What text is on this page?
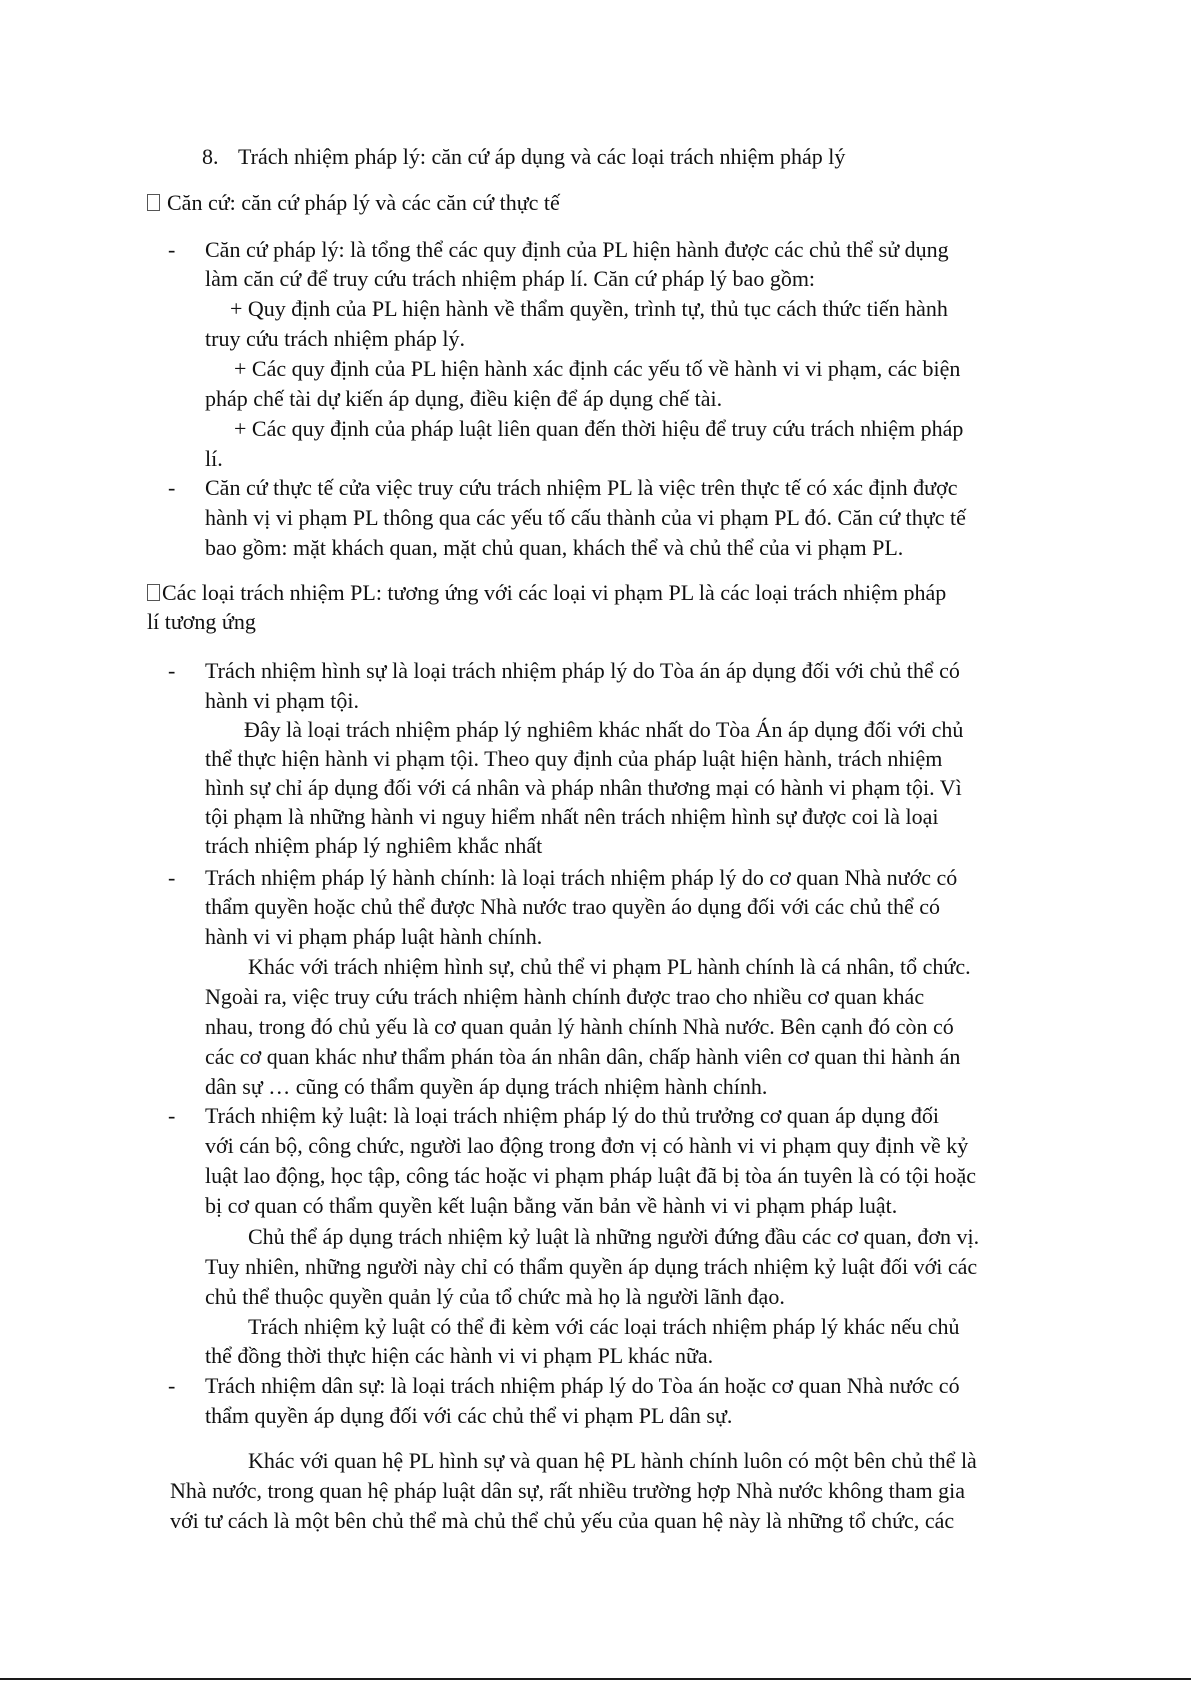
8. Trách nhiệm pháp lý: căn cứ áp dụng và các loại trách nhiệm pháp lý
Căn cứ: căn cứ pháp lý và các căn cứ thực tế
- Căn cứ pháp lý: là tổng thể các quy định của PL hiện hành được các chủ thể sử dụng
làm căn cứ để truy cứu trách nhiệm pháp lí. Căn cứ pháp lý bao gồm:
+ Quy định của PL hiện hành về thẩm quyền, trình tự, thủ tục cách thức tiến hành
truy cứu trách nhiệm pháp lý.
+ Các quy định của PL hiện hành xác định các yếu tố về hành vi vi phạm, các biện
pháp chế tài dự kiến áp dụng, điều kiện để áp dụng chế tài.
+ Các quy định của pháp luật liên quan đến thời hiệu để truy cứu trách nhiệm pháp
lí.
- Căn cứ thực tế cửa việc truy cứu trách nhiệm PL là việc trên thực tế có xác định được
hành vị vi phạm PL thông qua các yếu tố cấu thành của vi phạm PL đó. Căn cứ thực tế
bao gồm: mặt khách quan, mặt chủ quan, khách thể và chủ thể của vi phạm PL.
Các loại trách nhiệm PL: tương ứng với các loại vi phạm PL là các loại trách nhiệm pháp
lí tương ứng
- Trách nhiệm hình sự là loại trách nhiệm pháp lý do Tòa án áp dụng đối với chủ thể có
hành vi phạm tội.
Đây là loại trách nhiệm pháp lý nghiêm khác nhất do Tòa Án áp dụng đối với chủ
thể thực hiện hành vi phạm tội. Theo quy định của pháp luật hiện hành, trách nhiệm
hình sự chỉ áp dụng đối với cá nhân và pháp nhân thương mại có hành vi phạm tội. Vì
tội phạm là những hành vi nguy hiểm nhất nên trách nhiệm hình sự được coi là loại
trách nhiệm pháp lý nghiêm khắc nhất
- Trách nhiệm pháp lý hành chính: là loại trách nhiệm pháp lý do cơ quan Nhà nước có
thẩm quyền hoặc chủ thể được Nhà nước trao quyền áo dụng đối với các chủ thể có
hành vi vi phạm pháp luật hành chính.
Khác với trách nhiệm hình sự, chủ thể vi phạm PL hành chính là cá nhân, tổ chức.
Ngoài ra, việc truy cứu trách nhiệm hành chính được trao cho nhiều cơ quan khác
nhau, trong đó chủ yếu là cơ quan quản lý hành chính Nhà nước. Bên cạnh đó còn có
các cơ quan khác như thẩm phán tòa án nhân dân, chấp hành viên cơ quan thi hành án
dân sự … cũng có thẩm quyền áp dụng trách nhiệm hành chính.
- Trách nhiệm kỷ luật: là loại trách nhiệm pháp lý do thủ trưởng cơ quan áp dụng đối
với cán bộ, công chức, người lao động trong đơn vị có hành vi vi phạm quy định về kỷ
luật lao động, học tập, công tác hoặc vi phạm pháp luật đã bị tòa án tuyên là có tội hoặc
bị cơ quan có thẩm quyền kết luận bằng văn bản về hành vi vi phạm pháp luật.
Chủ thể áp dụng trách nhiệm kỷ luật là những người đứng đầu các cơ quan, đơn vị.
Tuy nhiên, những người này chỉ có thẩm quyền áp dụng trách nhiệm kỷ luật đối với các
chủ thể thuộc quyền quản lý của tổ chức mà họ là người lãnh đạo.
Trách nhiệm kỷ luật có thể đi kèm với các loại trách nhiệm pháp lý khác nếu chủ
thể đồng thời thực hiện các hành vi vi phạm PL khác nữa.
- Trách nhiệm dân sự: là loại trách nhiệm pháp lý do Tòa án hoặc cơ quan Nhà nước có
thẩm quyền áp dụng đối với các chủ thể vi phạm PL dân sự.
Khác với quan hệ PL hình sự và quan hệ PL hành chính luôn có một bên chủ thể là
Nhà nước, trong quan hệ pháp luật dân sự, rất nhiều trường hợp Nhà nước không tham gia
với tư cách là một bên chủ thể mà chủ thể chủ yếu của quan hệ này là những tổ chức, các
